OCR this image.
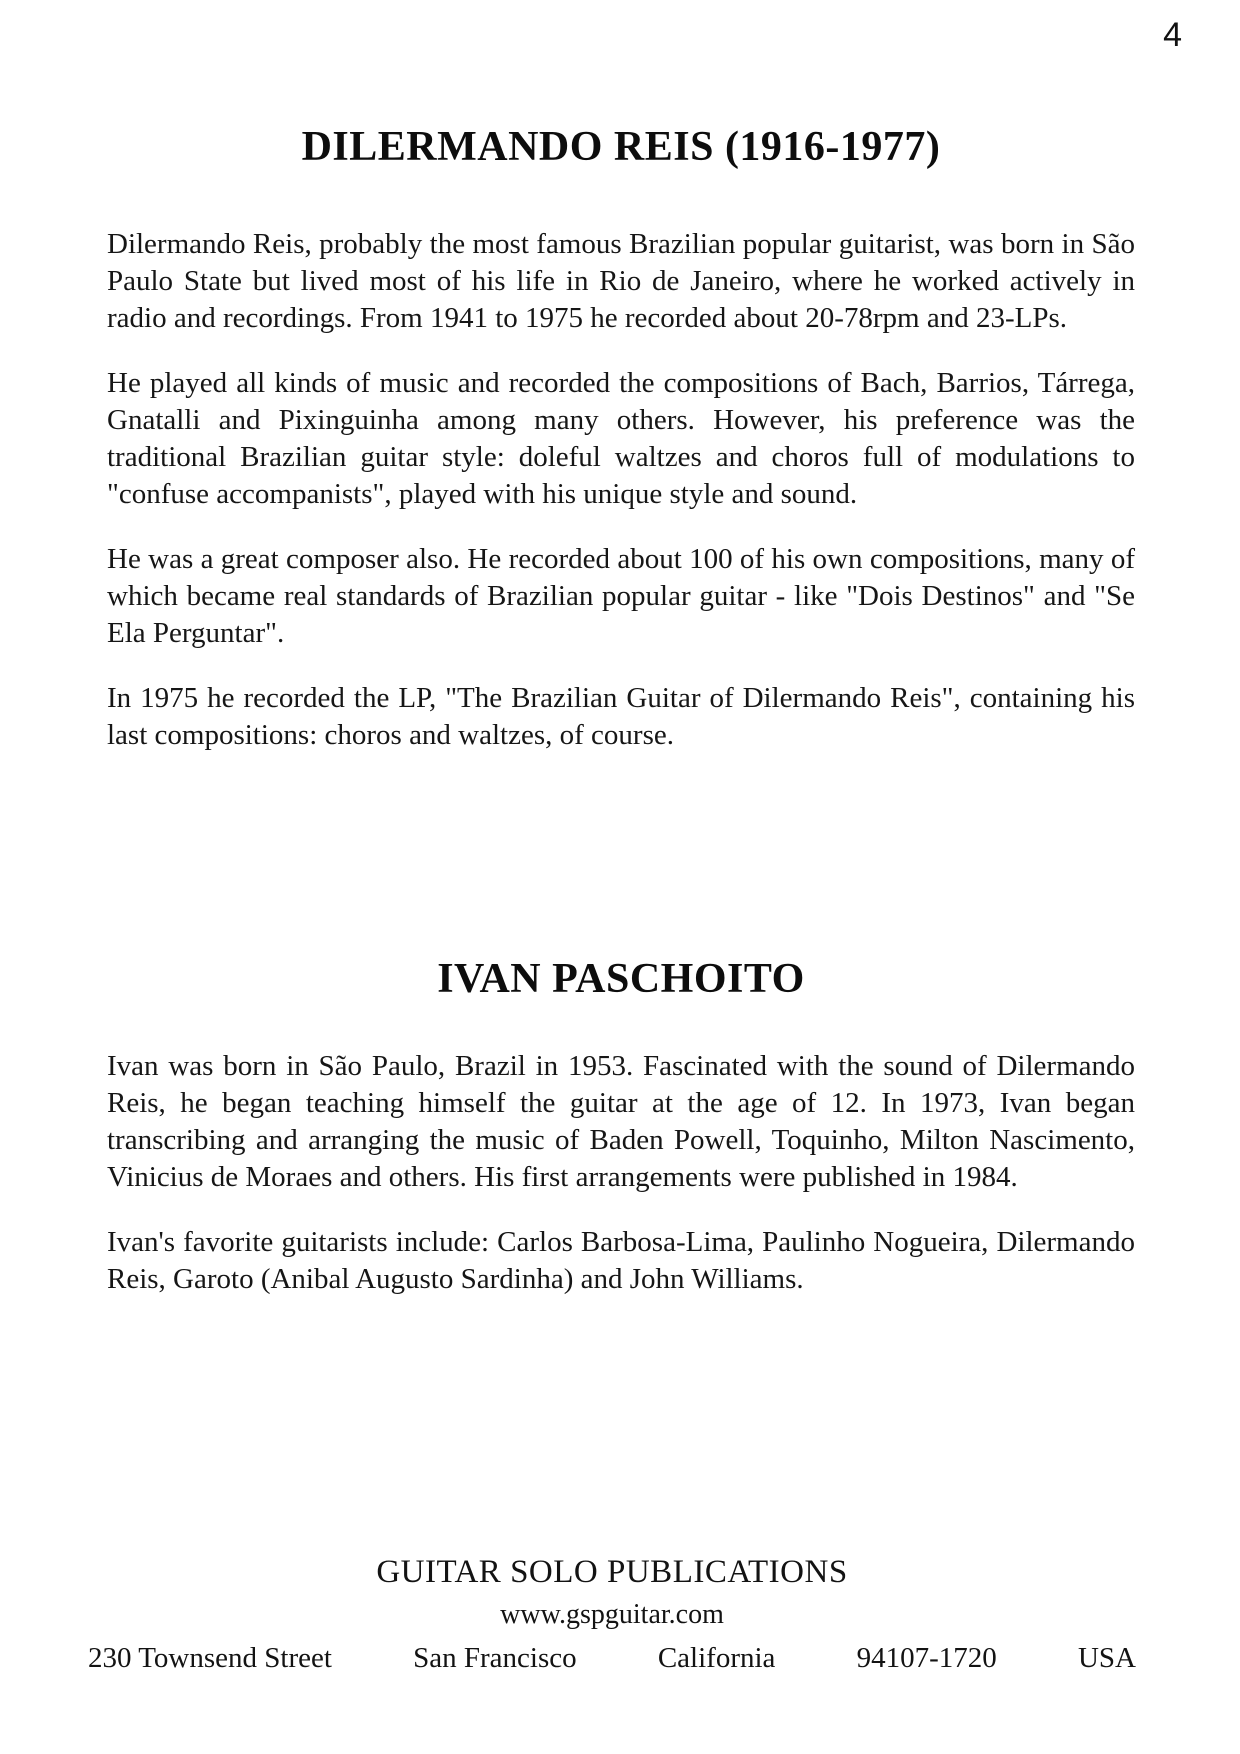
4
DILERMANDO REIS (1916-1977)

Dilermando Reis, probably the most famous Brazilian popular guitarist, was born in São Paulo State but lived most of his life in Rio de Janeiro, where he worked actively in radio and recordings. From 1941 to 1975 he recorded about 20-78rpm and 23-LPs.

He played all kinds of music and recorded the compositions of Bach, Barrios, Tárrega, Gnatalli and Pixinguinha among many others. However, his preference was the traditional Brazilian guitar style: doleful waltzes and choros full of modulations to "confuse accompanists", played with his unique style and sound.

He was a great composer also. He recorded about 100 of his own compositions, many of which became real standards of Brazilian popular guitar - like "Dois Destinos" and "Se Ela Perguntar".

In 1975 he recorded the LP, "The Brazilian Guitar of Dilermando Reis", containing his last compositions: choros and waltzes, of course.

IVAN PASCHOITO

Ivan was born in São Paulo, Brazil in 1953. Fascinated with the sound of Dilermando Reis, he began teaching himself the guitar at the age of 12. In 1973, Ivan began transcribing and arranging the music of Baden Powell, Toquinho, Milton Nascimento, Vinicius de Moraes and others. His first arrangements were published in 1984.

Ivan's favorite guitarists include: Carlos Barbosa-Lima, Paulinho Nogueira, Dilermando Reis, Garoto (Anibal Augusto Sardinha) and John Williams.

GUITAR SOLO PUBLICATIONS
www.gspguitar.com
230 Townsend Street	San Francisco	California	94107-1720	USA
